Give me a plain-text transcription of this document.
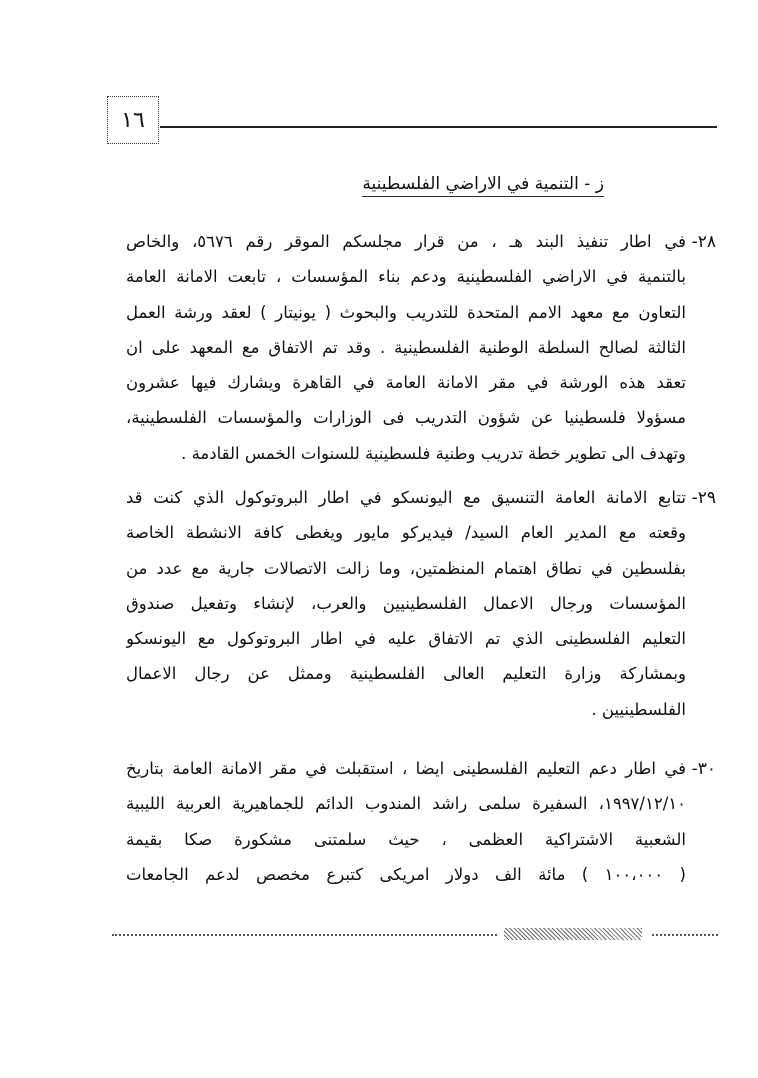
١٦
ز - التنمية في الاراضي الفلسطينية
٢٨-
في اطار تنفيذ البند هـ ، من قرار مجلسكم الموقر رقم ٥٦٧٦، والخاص
بالتنمية في الاراضي الفلسطينية ودعم بناء المؤسسات ، تابعت الامانة العامة
التعاون مع معهد الامم المتحدة للتدريب والبحوث ( يونيتار ) لعقد ورشة العمل
الثالثة لصالح السلطة الوطنية الفلسطينية . وقد تم الاتفاق مع المعهد على ان
تعقد هذه الورشة في مقر الامانة العامة في القاهرة ويشارك فيها عشرون
مسؤولا فلسطينيا عن شؤون التدريب فى الوزارات والمؤسسات الفلسطينية،
وتهدف الى تطوير خطة تدريب وطنية فلسطينية للسنوات الخمس القادمة .
٢٩-
تتابع الامانة العامة التنسيق مع اليونسكو في اطار البروتوكول الذي كنت قد
وقعته مع المدير العام السيد/ فيديركو مايور ويغطى كافة الانشطة الخاصة
بفلسطين في نطاق اهتمام المنظمتين، وما زالت الاتصالات جارية مع عدد من
المؤسسات ورجال الاعمال الفلسطينيين والعرب، لإنشاء وتفعيل صندوق
التعليم الفلسطينى الذي تم الاتفاق عليه في اطار البروتوكول مع اليونسكو
وبمشاركة وزارة التعليم العالى الفلسطينية وممثل عن رجال الاعمال
الفلسطينيين .
٣٠-
في اطار دعم التعليم الفلسطينى ايضا ، استقبلت في مقر الامانة العامة بتاريخ
١٩٩٧/١٢/١٠، السفيرة سلمى راشد المندوب الدائم للجماهيرية العربية الليبية
الشعبية الاشتراكية العظمى ، حيث سلمتنى مشكورة صكا بقيمة
( ١٠٠،٠٠٠ ) مائة الف دولار امريكى كتبرع مخصص لدعم الجامعات
